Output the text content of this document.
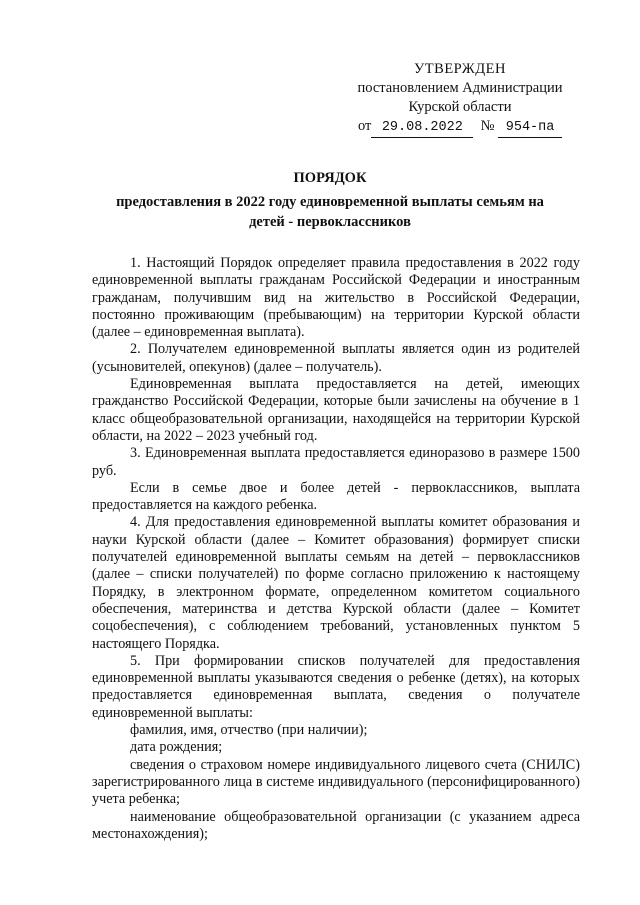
УТВЕРЖДЕН
постановлением Администрации
Курской области
от 29.08.2022 № 954-па
ПОРЯДОК
предоставления в 2022 году единовременной выплаты семьям на
детей - первоклассников

1. Настоящий Порядок определяет правила предоставления в 2022 году единовременной выплаты гражданам Российской Федерации и иностранным гражданам, получившим вид на жительство в Российской Федерации, постоянно проживающим (пребывающим) на территории Курской области (далее – единовременная выплата).

2. Получателем единовременной выплаты является один из родителей (усыновителей, опекунов) (далее – получатель).

Единовременная выплата предоставляется на детей, имеющих гражданство Российской Федерации, которые были зачислены на обучение в 1 класс общеобразовательной организации, находящейся на территории Курской области, на 2022 – 2023 учебный год.

3. Единовременная выплата предоставляется единоразово в размере 1500 руб.

Если в семье двое и более детей - первоклассников, выплата предоставляется на каждого ребенка.

4. Для предоставления единовременной выплаты комитет образования и науки Курской области (далее – Комитет образования) формирует списки получателей единовременной выплаты семьям на детей – первоклассников (далее – списки получателей) по форме согласно приложению к настоящему Порядку, в электронном формате, определенном комитетом социального обеспечения, материнства и детства Курской области (далее – Комитет соцобеспечения), с соблюдением требований, установленных пунктом 5 настоящего Порядка.

5. При формировании списков получателей для предоставления единовременной выплаты указываются сведения о ребенке (детях), на которых предоставляется единовременная выплата, сведения о получателе единовременной выплаты:

фамилия, имя, отчество (при наличии);

дата рождения;

сведения о страховом номере индивидуального лицевого счета (СНИЛС) зарегистрированного лица в системе индивидуального (персонифицированного) учета ребенка;

наименование общеобразовательной организации (с указанием адреса местонахождения);
